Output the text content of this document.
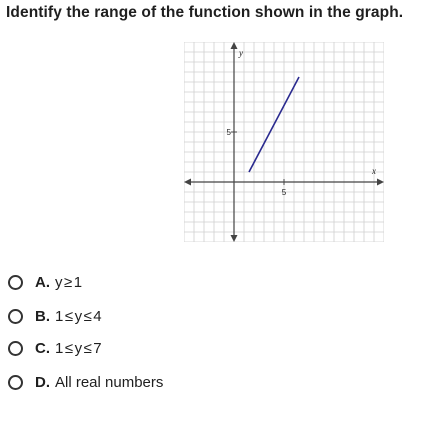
Identify the range of the function shown in the graph.
5
5
x
y
A. y≥1
B. 1≤y≤4
C. 1≤y≤7
D. All real numbers
